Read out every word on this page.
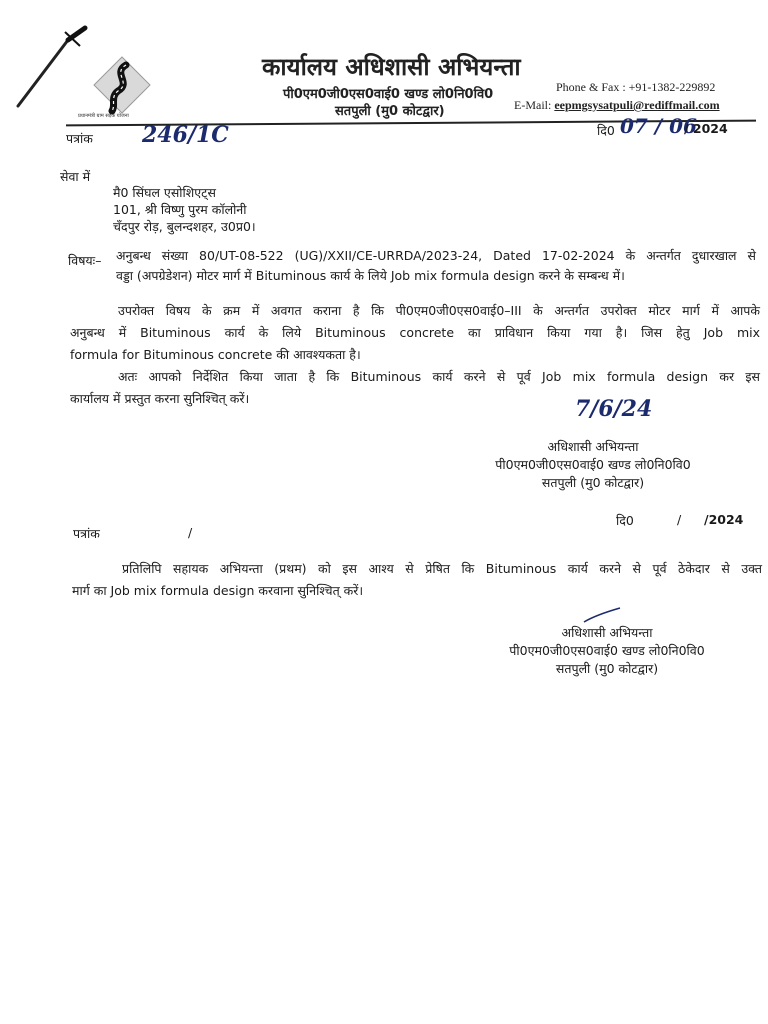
प्रधानमंत्री ग्राम सड़क योजना
कार्यालय अधिशासी अभियन्ता
पी0एम0जी0एस0वाई0 खण्ड लो0नि0वि0
सतपुली (मु0 कोटद्वार)
Phone & Fax : +91-1382-229892
E-Mail: eepmgsysatpuli@rediffmail.com
पत्रांक 246/1C	दि0 07 / 06
/ 2024
सेवा में
मै0 सिंघल एसोशिएट्स
101, श्री विष्णु पुरम कॉलोनी
चँदपुर रोड़, बुलन्दशहर, उ0प्र0।
विषयः– अनुबन्ध संख्या 80/UT-08-522 (UG)/XXII/CE-URRDA/2023-24, Dated 17-02-2024 के अन्तर्गत दुधारखाल से
वड्डा (अपग्रेडेशन) मोटर मार्ग में Bituminous कार्य के लिये Job mix formula design करने के सम्बन्ध में।
उपरोक्त विषय के क्रम में अवगत कराना है कि पी0एम0जी0एस0वाई0–III के अन्तर्गत उपरोक्त मोटर मार्ग में आपके
अनुबन्ध में Bituminous कार्य के लिये Bituminous concrete का प्राविधान किया गया है। जिस हेतु Job mix
formula for Bituminous concrete की आवश्यकता है।
अतः आपको निर्देशित किया जाता है कि Bituminous कार्य करने से पूर्व Job mix formula design कर इस
कार्यालय में प्रस्तुत करना सुनिश्चित् करें।	7/6/24
अधिशासी अभियन्ता
पी0एम0जी0एस0वाई0 खण्ड लो0नि0वि0
सतपुली (मु0 कोटद्वार)
पत्रांक	/
दि0	/ /2024
प्रतिलिपि सहायक अभियन्ता (प्रथम) को इस आश्य से प्रेषित कि Bituminous कार्य करने से पूर्व ठेकेदार से उक्त
मार्ग का Job mix formula design करवाना सुनिश्चित् करें।
अधिशासी अभियन्ता
पी0एम0जी0एस0वाई0 खण्ड लो0नि0वि0
सतपुली (मु0 कोटद्वार)
